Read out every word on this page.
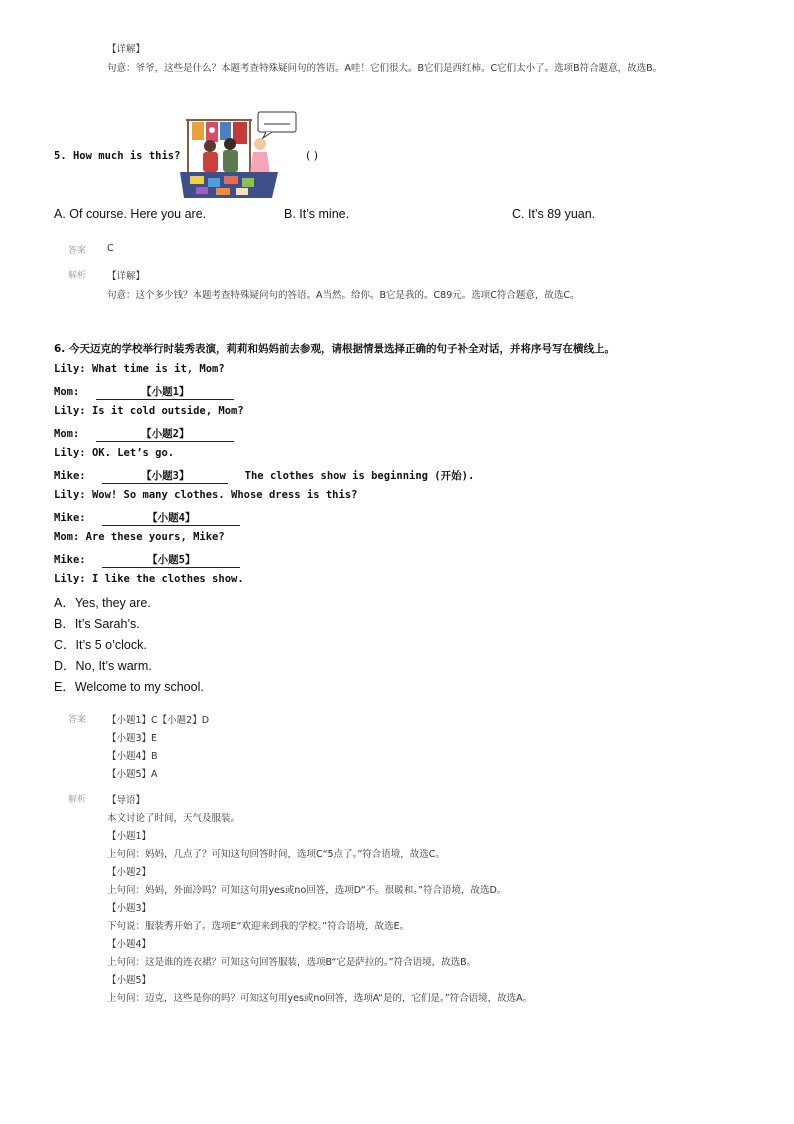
【详解】
句意：爷爷，这些是什么？本题考查特殊疑问句的答语。A哇！它们很大。B它们是西红柿。C它们太小了。选项B符合题意，故选B。
5. How much is this?	( )
A. Of course. Here you are.	B. It’s mine.	C. It’s 89 yuan.
答案 C
解析 【详解】
句意：这个多少钱？本题考查特殊疑问句的答语。A当然。给你。B它是我的。C89元。选项C符合题意，故选C。
6. 今天迈克的学校举行时装秀表演，莉莉和妈妈前去参观，请根据情景选择正确的句子补全对话，并将序号写在横线上。
Lily: What time is it, Mom?
Mom:	【小题1】
Lily: Is it cold outside, Mom?
Mom:	【小题2】
Lily: OK. Let’s go.
Mike:	【小题3】	The clothes show is beginning (开始).
Lily: Wow! So many clothes. Whose dress is this?
Mike:	【小题4】
Mom: Are these yours, Mike?
Mike:	【小题5】
Lily: I like the clothes show.
A．Yes, they are.
B．It’s Sarah’s.
C．It’s 5 o’clock.
D．No, It’s warm.
E．Welcome to my school.
答案 【小题1】C【小题2】D
【小题3】E
【小题4】B
【小题5】A
解析 【导语】
本文讨论了时间，天气及服装。
【小题1】
上句问：妈妈，几点了？可知这句回答时间，选项C“5点了。”符合语境，故选C。
【小题2】
上句问：妈妈，外面冷吗？可知这句用yes或no回答，选项D“不。很暖和。”符合语境，故选D。
【小题3】
下句说：服装秀开始了。选项E“欢迎来到我的学校。”符合语境，故选E。
【小题4】
上句问：这是谁的连衣裙？可知这句回答服装，选项B“它是萨拉的。”符合语境，故选B。
【小题5】
上句问：迈克，这些是你的吗？可知这句用yes或no回答，选项A“是的，它们是。”符合语境，故选A。
